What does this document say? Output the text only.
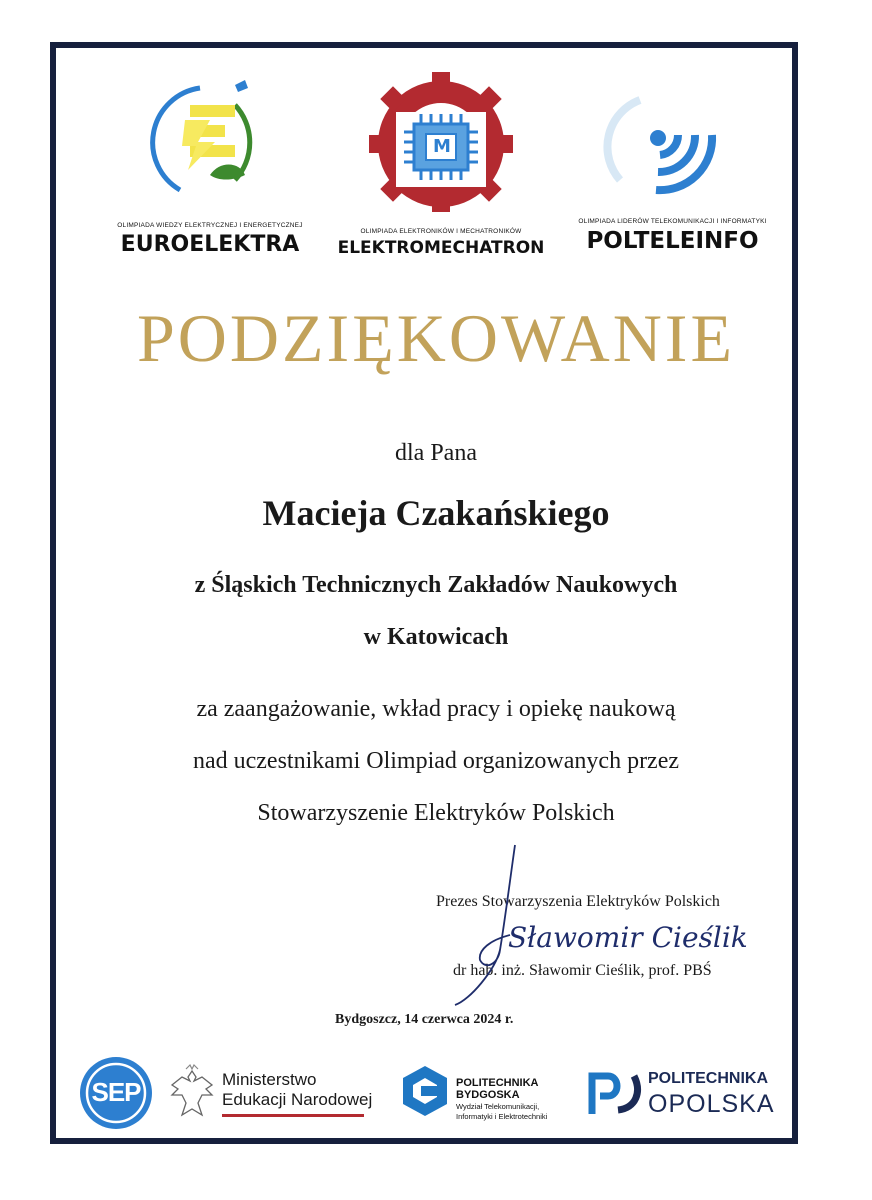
OLIMPIADA WIEDZY ELEKTRYCZNEJ I ENERGETYCZNEJ
EUROELEKTRA
M
OLIMPIADA ELEKTRONIKÓW I MECHATRONIKÓW
ELEKTROMECHATRON
OLIMPIADA LIDERÓW TELEKOMUNIKACJI I INFORMATYKI
POLTELEINFO
PODZIĘKOWANIE
dla Pana
Macieja Czakańskiego
z Śląskich Technicznych Zakładów Naukowych
w Katowicach
za zaangażowanie, wkład pracy i opiekę naukową
nad uczestnikami Olimpiad organizowanych przez
Stowarzyszenie Elektryków Polskich
Prezes Stowarzyszenia Elektryków Polskich
dr hab. inż. Sławomir Cieślik, prof. PBŚ
Sławomir Cieślik
Bydgoszcz, 14 czerwca 2024 r.
SEP	Ministerstwo
Edukacji Narodowej
POLITECHNIKA
BYDGOSKA
Wydział Telekomunikacji,
Informatyki i Elektrotechniki
POLITECHNIKA
OPOLSKA
